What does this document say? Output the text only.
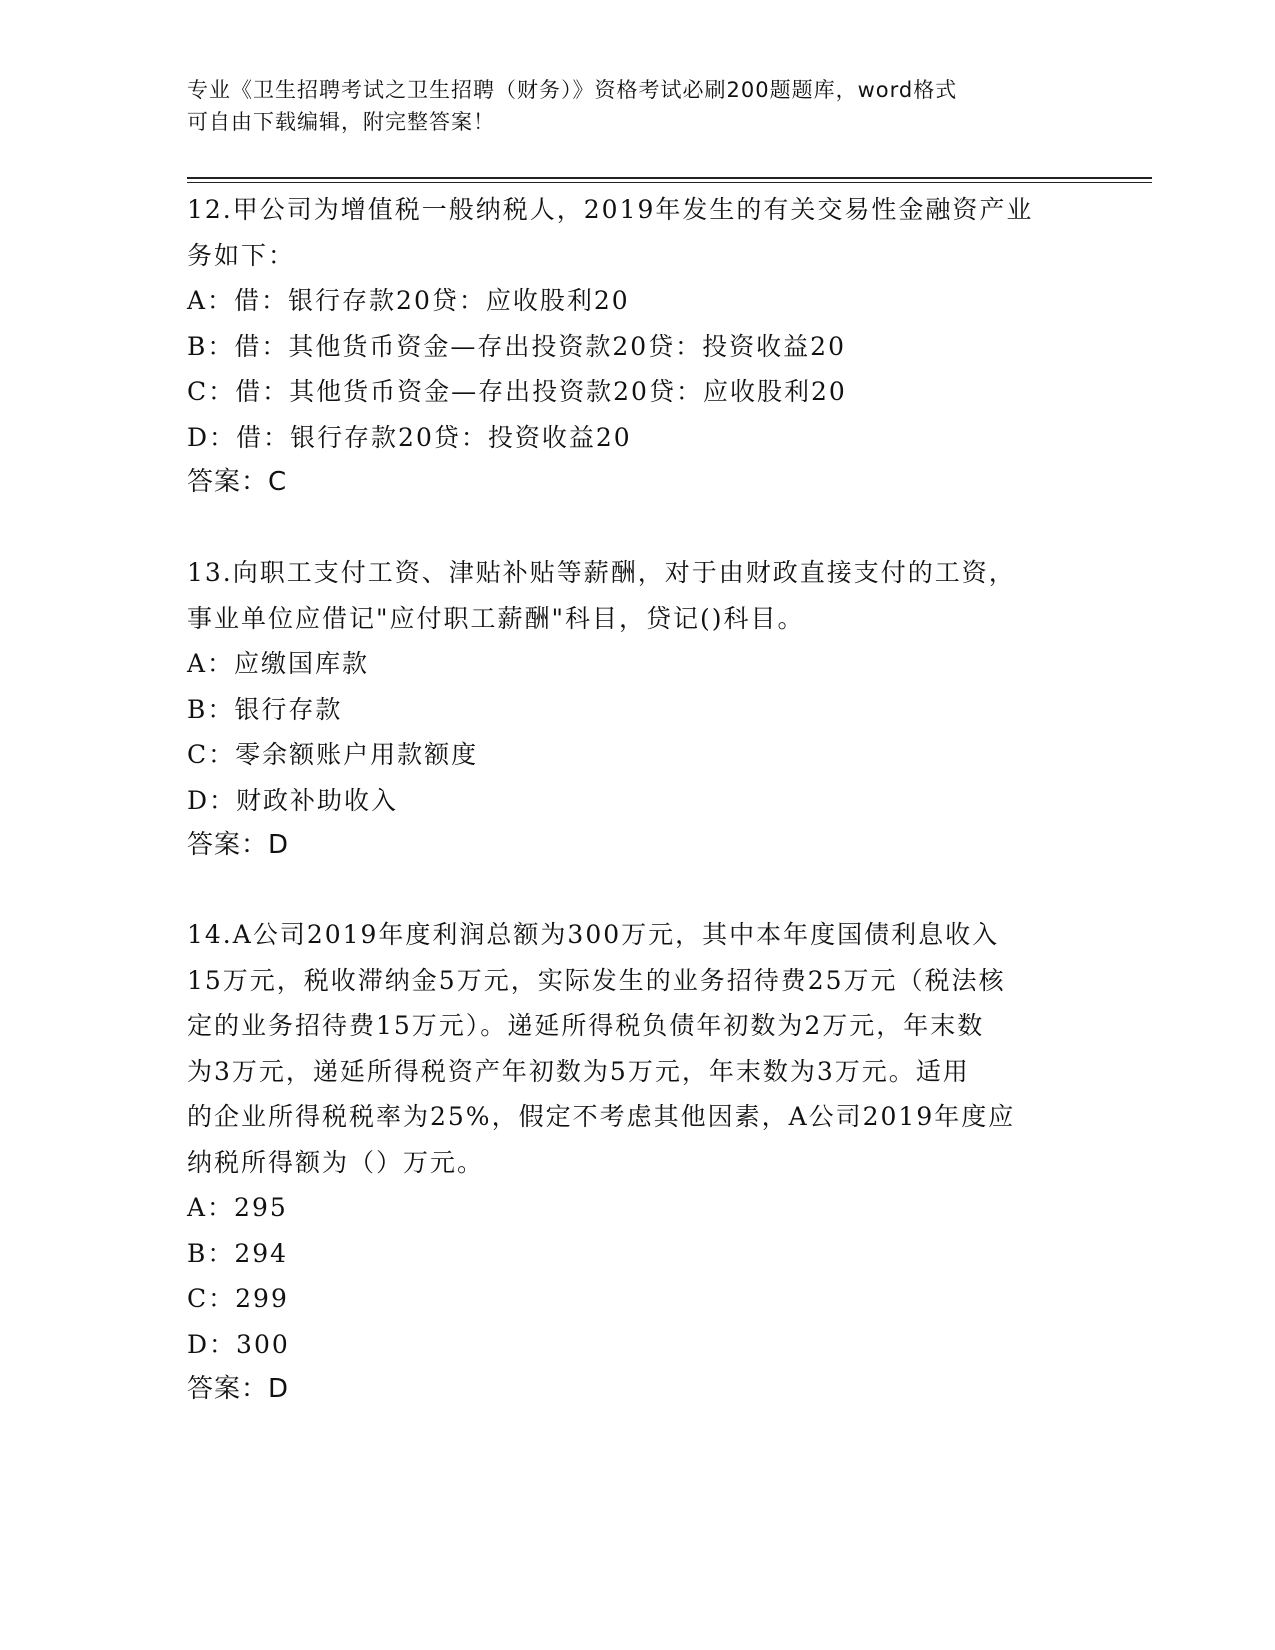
专业《卫生招聘考试之卫生招聘（财务）》资格考试必刷200题题库，word格式
可自由下载编辑，附完整答案！
12.甲公司为增值税一般纳税人，2019年发生的有关交易性金融资产业
务如下：
A：借：银行存款20贷：应收股利20
B：借：其他货币资金—存出投资款20贷：投资收益20
C：借：其他货币资金—存出投资款20贷：应收股利20
D：借：银行存款20贷：投资收益20
答案：C
13.向职工支付工资、津贴补贴等薪酬，对于由财政直接支付的工资，
事业单位应借记"应付职工薪酬"科目，贷记()科目。
A：应缴国库款
B：银行存款
C：零余额账户用款额度
D：财政补助收入
答案：D
14.A公司2019年度利润总额为300万元，其中本年度国债利息收入
15万元，税收滞纳金5万元，实际发生的业务招待费25万元（税法核
定的业务招待费15万元）。递延所得税负债年初数为2万元，年末数
为3万元，递延所得税资产年初数为5万元，年末数为3万元。适用
的企业所得税税率为25%，假定不考虑其他因素，A公司2019年度应
纳税所得额为（）万元。
A：295
B：294
C：299
D：300
答案：D
